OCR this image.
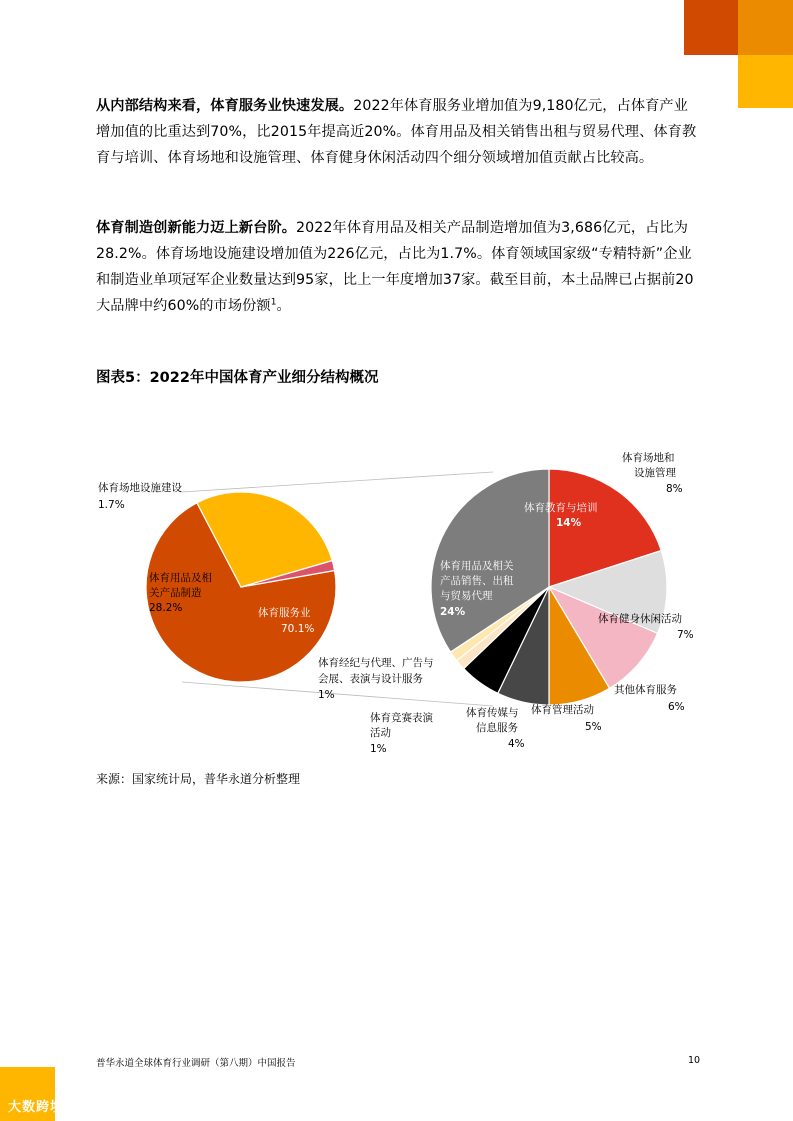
从内部结构来看，体育服务业快速发展。2022年体育服务业增加值为9,180亿元，占体育产业增加值的比重达到70%，比2015年提高近20%。体育用品及相关销售出租与贸易代理、体育教育与培训、体育场地和设施管理、体育健身休闲活动四个细分领域增加值贡献占比较高。

体育制造创新能力迈上新台阶。2022年体育用品及相关产品制造增加值为3,686亿元，占比为28.2%。体育场地设施建设增加值为226亿元，占比为1.7%。体育领域国家级“专精特新”企业和制造业单项冠军企业数量达到95家，比上一年度增加37家。截至目前，本土品牌已占据前20大品牌中约60%的市场份额$^1$。

图表5：2022年中国体育产业细分结构概况
体育场地设施建设
1.7%
体育用品及相
关产品制造
28.2%	体育服务业
70.1%
体育教育与培训
14%
体育场地和
设施管理
8%
体育健身休闲活动
7%
其他体育服务
6%
体育管理活动
5%
体育传媒与
信息服务
4%
体育竞赛表演
活动
1%
体育经纪与代理、广告与
会展、表演与设计服务
1%
体育用品及相关
产品销售、出租
与贸易代理
24%
来源：国家统计局，普华永道分析整理
普华永道全球体育行业调研（第八期）中国报告	10
大数跨境
